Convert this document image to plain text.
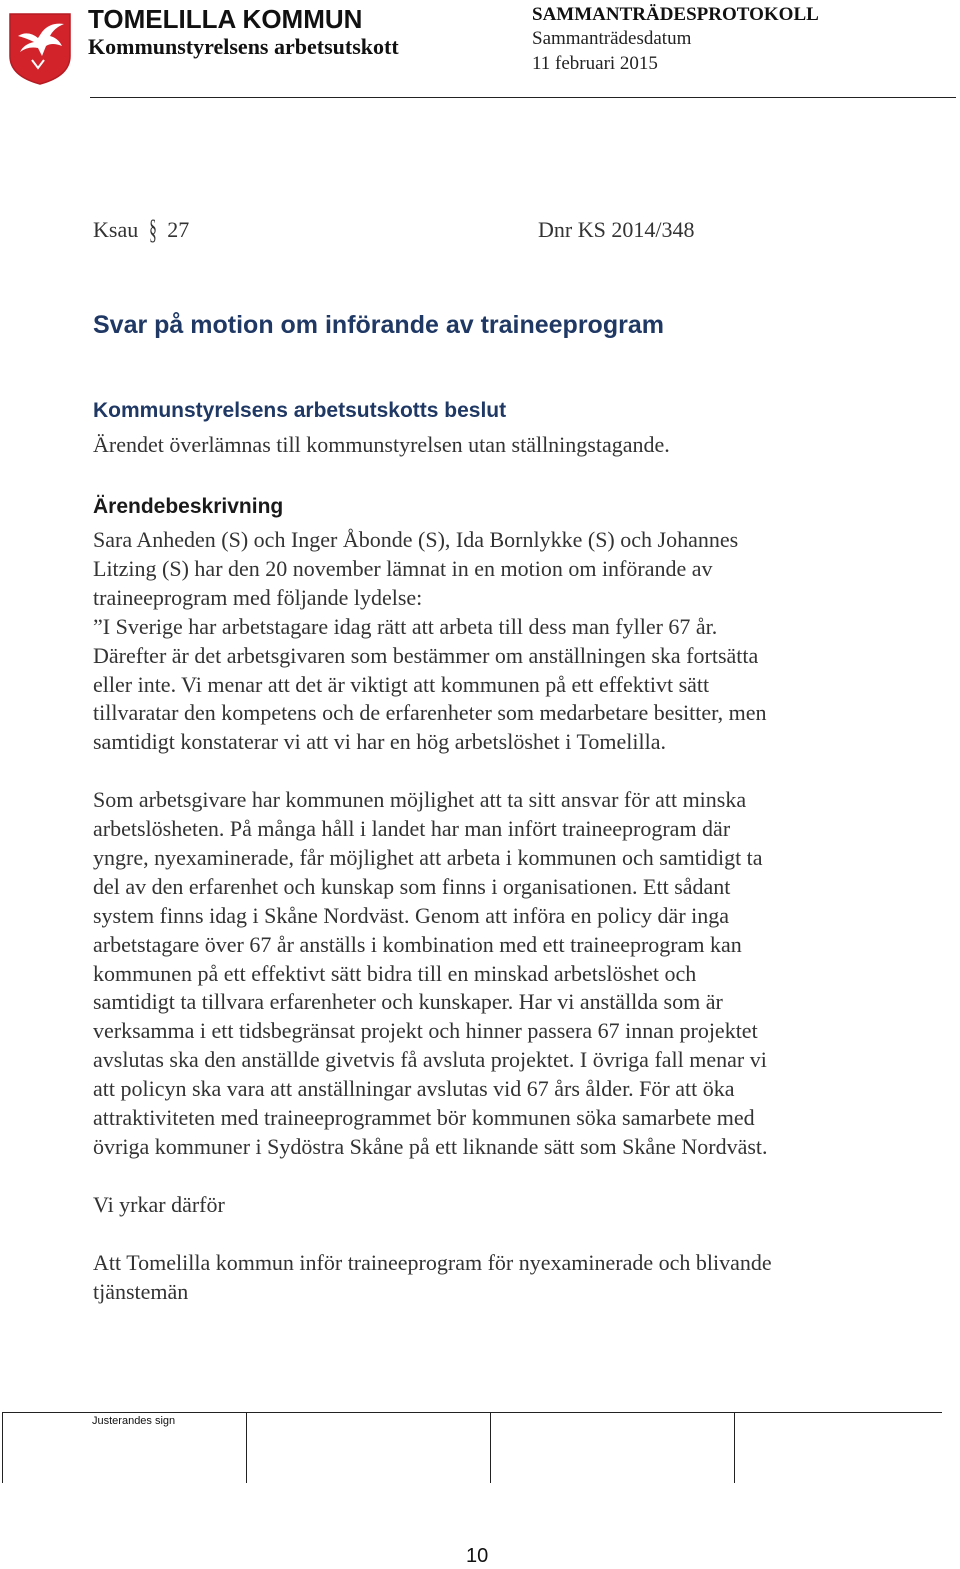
TOMELILLA KOMMUN
Kommunstyrelsens arbetsutskott
SAMMANTRÄDESPROTOKOLL
Sammanträdesdatum
11 februari 2015
Ksau § 27	Dnr KS 2014/348
Svar på motion om införande av traineeprogram
Kommunstyrelsens arbetsutskotts beslut
Ärendet överlämnas till kommunstyrelsen utan ställningstagande.
Ärendebeskrivning
Sara Anheden (S) och Inger Åbonde (S), Ida Bornlykke (S) och Johannes
Litzing (S) har den 20 november lämnat in en motion om införande av
traineeprogram med följande lydelse:
”I Sverige har arbetstagare idag rätt att arbeta till dess man fyller 67 år.
Därefter är det arbetsgivaren som bestämmer om anställningen ska fortsätta
eller inte. Vi menar att det är viktigt att kommunen på ett effektivt sätt
tillvaratar den kompetens och de erfarenheter som medarbetare besitter, men
samtidigt konstaterar vi att vi har en hög arbetslöshet i Tomelilla.
Som arbetsgivare har kommunen möjlighet att ta sitt ansvar för att minska
arbetslösheten. På många håll i landet har man infört traineeprogram där
yngre, nyexaminerade, får möjlighet att arbeta i kommunen och samtidigt ta
del av den erfarenhet och kunskap som finns i organisationen. Ett sådant
system finns idag i Skåne Nordväst. Genom att införa en policy där inga
arbetstagare över 67 år anställs i kombination med ett traineeprogram kan
kommunen på ett effektivt sätt bidra till en minskad arbetslöshet och
samtidigt ta tillvara erfarenheter och kunskaper. Har vi anställda som är
verksamma i ett tidsbegränsat projekt och hinner passera 67 innan projektet
avslutas ska den anställde givetvis få avsluta projektet. I övriga fall menar vi
att policyn ska vara att anställningar avslutas vid 67 års ålder. För att öka
attraktiviteten med traineeprogrammet bör kommunen söka samarbete med
övriga kommuner i Sydöstra Skåne på ett liknande sätt som Skåne Nordväst.
Vi yrkar därför
Att Tomelilla kommun inför traineeprogram för nyexaminerade och blivande
tjänstemän
Justerandes sign
10
